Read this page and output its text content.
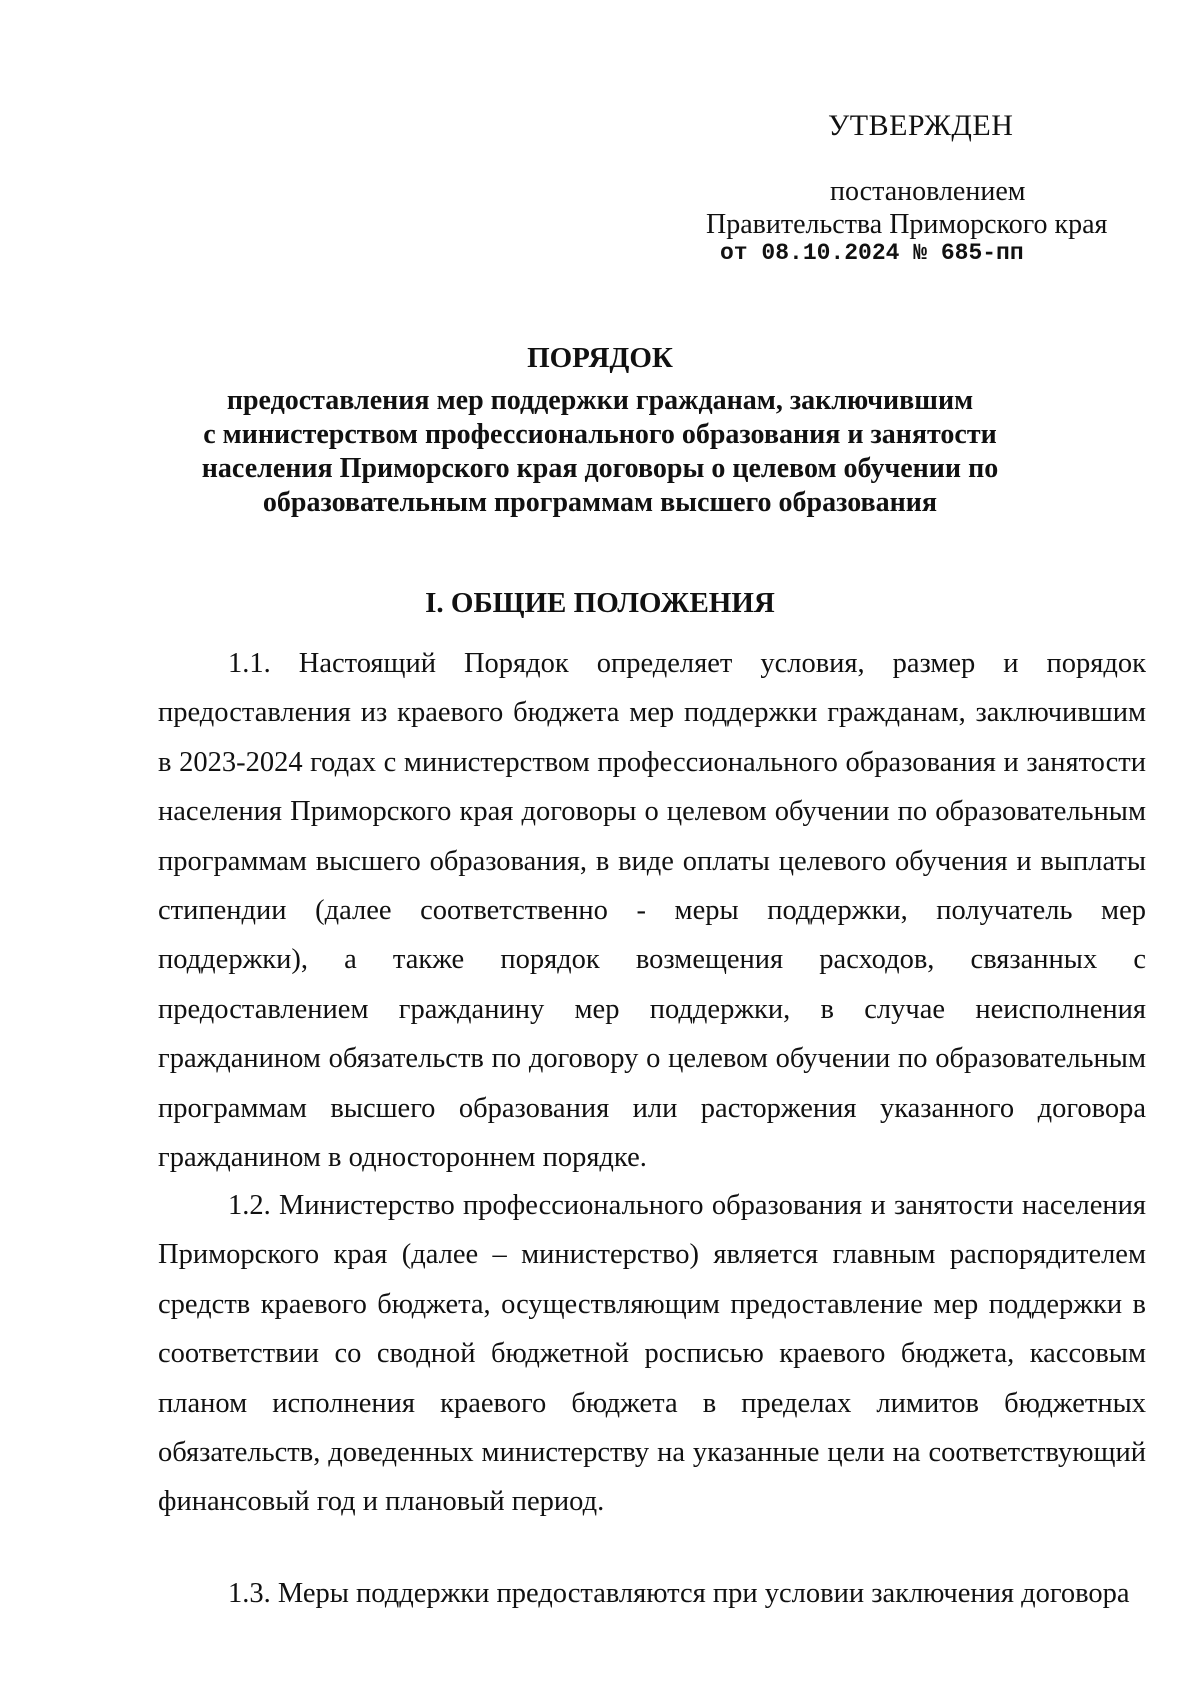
УТВЕРЖДЕН
постановлением
Правительства Приморского края
от 08.10.2024 № 685-пп
ПОРЯДОК
предоставления мер поддержки гражданам, заключившим
с министерством профессионального образования и занятости
населения Приморского края договоры о целевом обучении по
образовательным программам высшего образования
I. ОБЩИЕ ПОЛОЖЕНИЯ

1.1. Настоящий Порядок определяет условия, размер и порядок предоставления из краевого бюджета мер поддержки гражданам, заключившим в 2023-2024 годах с министерством профессионального образования и занятости населения Приморского края договоры о целевом обучении по образовательным программам высшего образования, в виде оплаты целевого обучения и выплаты стипендии (далее соответственно - меры поддержки, получатель мер поддержки), а также порядок возмещения расходов, связанных с предоставлением гражданину мер поддержки, в случае неисполнения гражданином обязательств по договору о целевом обучении по образовательным программам высшего образования или расторжения указанного договора гражданином в одностороннем порядке.

1.2. Министерство профессионального образования и занятости населения Приморского края (далее – министерство) является главным распорядителем средств краевого бюджета, осуществляющим предоставление мер поддержки в соответствии со сводной бюджетной росписью краевого бюджета, кассовым планом исполнения краевого бюджета в пределах лимитов бюджетных обязательств, доведенных министерству на указанные цели на соответствующий финансовый год и плановый период.

1.3. Меры поддержки предоставляются при условии заключения договора
